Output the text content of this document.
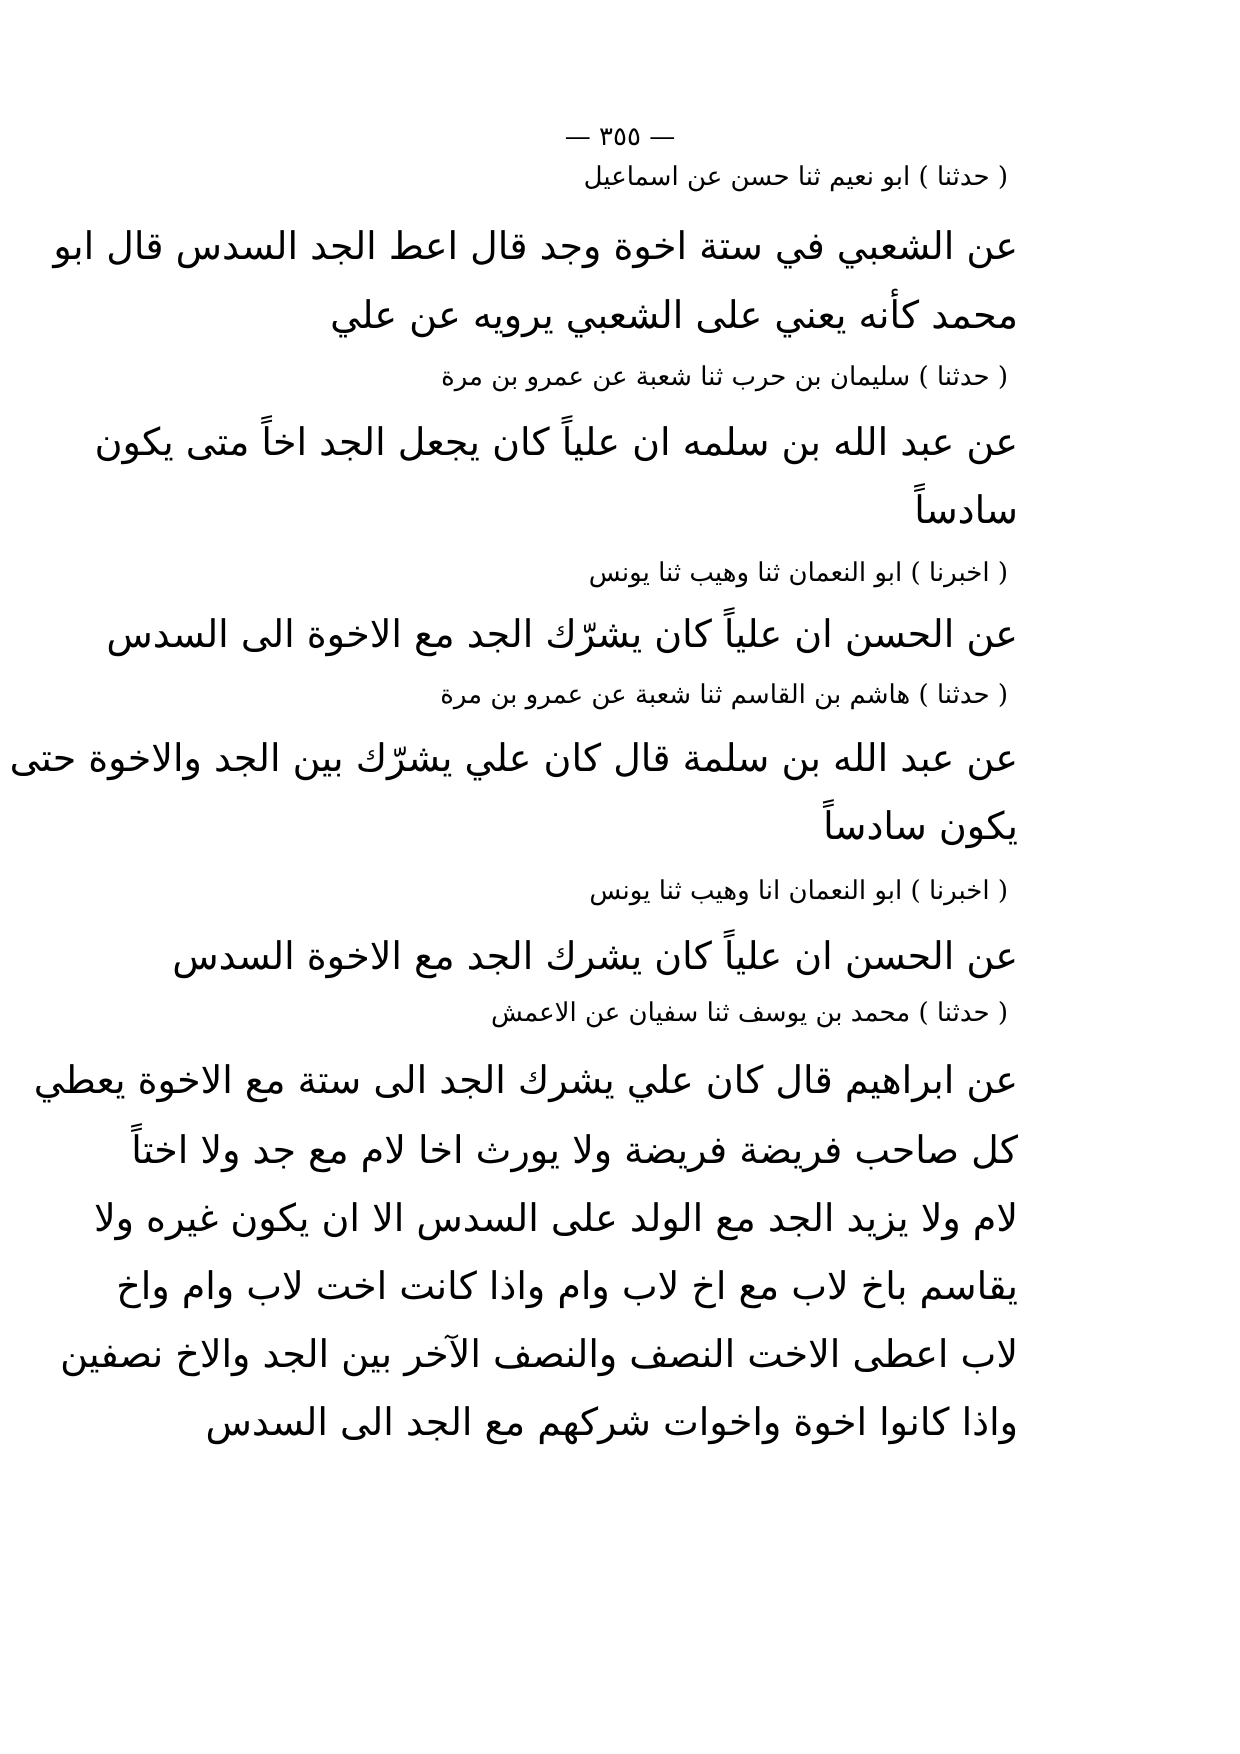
— ٣٥٥ —

( حدثنا ) ابو نعيم ثنا حسن عن اسماعيل

عن الشعبي في ستة اخوة وجد قال اعط الجد السدس قال ابو

محمد كأنه يعني على الشعبي يرويه عن علي

( حدثنا ) سليمان بن حرب ثنا شعبة عن عمرو بن مرة

عن عبد الله بن سلمه ان علياً كان يجعل الجد اخاً متى يكون

سادساً

( اخبرنا ) ابو النعمان ثنا وهيب ثنا يونس

عن الحسن ان علياً كان يشرّك الجد مع الاخوة الى السدس

( حدثنا ) هاشم بن القاسم ثنا شعبة عن عمرو بن مرة

عن عبد الله بن سلمة قال كان علي يشرّك بين الجد والاخوة حتى

يكون سادساً

( اخبرنا ) ابو النعمان انا وهيب ثنا يونس

عن الحسن ان علياً كان يشرك الجد مع الاخوة السدس

( حدثنا ) محمد بن يوسف ثنا سفيان عن الاعمش

عن ابراهيم قال كان علي يشرك الجد الى ستة مع الاخوة يعطي

كل صاحب فريضة فريضة ولا يورث اخا لام مع جد ولا اختاً

لام ولا يزيد الجد مع الولد على السدس الا ان يكون غيره ولا

يقاسم باخ لاب مع اخ لاب وام واذا كانت اخت لاب وام واخ

لاب اعطى الاخت النصف والنصف الآخر بين الجد والاخ نصفين

واذا كانوا اخوة واخوات شركهم مع الجد الى السدس
